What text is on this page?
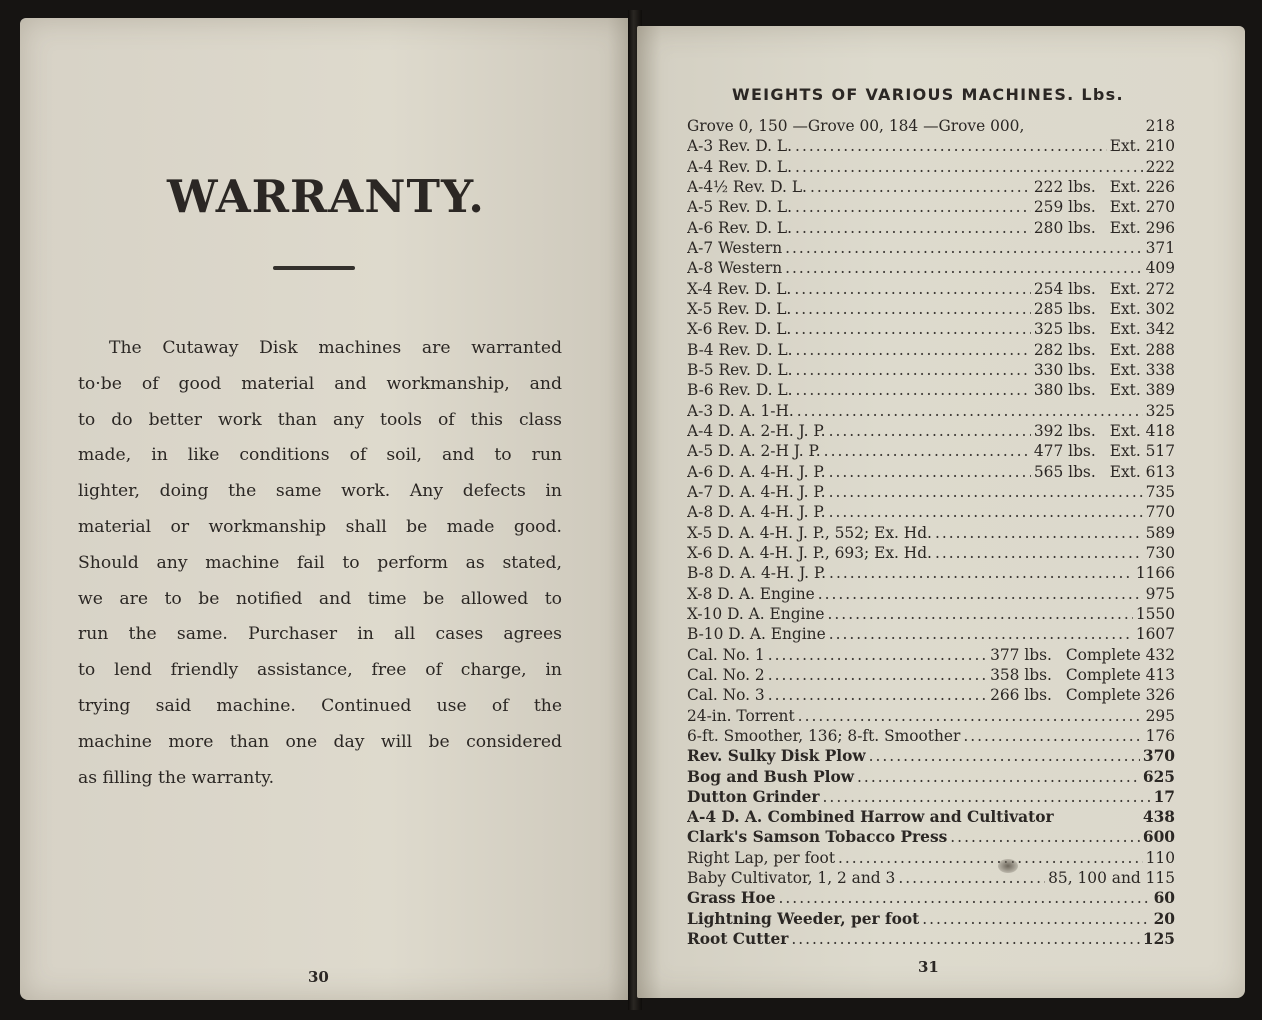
WARRANTY.
The Cutaway Disk machines are warranted
to·be of good material and workmanship, and
to do better work than any tools of this class
made, in like conditions of soil, and to run
lighter, doing the same work. Any defects in
material or workmanship shall be made good.
Should any machine fail to perform as stated,
we are to be notified and time be allowed to
run the same. Purchaser in all cases agrees
to lend friendly assistance, free of charge, in
trying said machine. Continued use of the
machine more than one day will be considered
as filling the warranty.
30
WEIGHTS OF VARIOUS MACHINES. Lbs.
Grove 0, 150 —Grove 00, 184 —Grove 000,	218
A-3 Rev. D. L. .....	Ext. 210
A-4 Rev. D. L. .....	222
A-4½ Rev. D. L. .....	222 lbs. Ext. 226
A-5 Rev. D. L. .....	259 lbs. Ext. 270
A-6 Rev. D. L. .....	280 lbs. Ext. 296
A-7 Western .....	371
A-8 Western .....	409
X-4 Rev. D. L. .....	254 lbs. Ext. 272
X-5 Rev. D. L. .....	285 lbs. Ext. 302
X-6 Rev. D. L. .....	325 lbs. Ext. 342
B-4 Rev. D. L. .....	282 lbs. Ext. 288
B-5 Rev. D. L. .....	330 lbs. Ext. 338
B-6 Rev. D. L. .....	380 lbs. Ext. 389
A-3 D. A. 1-H. .....	325
A-4 D. A. 2-H. J. P. .....	392 lbs. Ext. 418
A-5 D. A. 2-H J. P. .....	477 lbs. Ext. 517
A-6 D. A. 4-H. J. P. .....	565 lbs. Ext. 613
A-7 D. A. 4-H. J. P. .....	735
A-8 D. A. 4-H. J. P. .....	770
X-5 D. A. 4-H. J. P., 552; Ex. Hd. .....	589
X-6 D. A. 4-H. J. P., 693; Ex. Hd. .....	730
B-8 D. A. 4-H. J. P. .....	1166
X-8 D. A. Engine .....	975
X-10 D. A. Engine .....	1550
B-10 D. A. Engine .....	1607
Cal. No. 1 .....	377 lbs. Complete 432
Cal. No. 2 .....	358 lbs. Complete 413
Cal. No. 3 .....	266 lbs. Complete 326
24-in. Torrent .....	295
6-ft. Smoother, 136; 8-ft. Smoother .....	176
Rev. Sulky Disk Plow .....	370
Bog and Bush Plow .....	625
Dutton Grinder .....	17
A-4 D. A. Combined Harrow and Cultivator	438
Clark's Samson Tobacco Press .....	600
Right Lap, per foot .....	110
Baby Cultivator, 1, 2 and 3 .....	85, 100 and 115
Grass Hoe .....	60
Lightning Weeder, per foot .....	20
Root Cutter .....	125
31
